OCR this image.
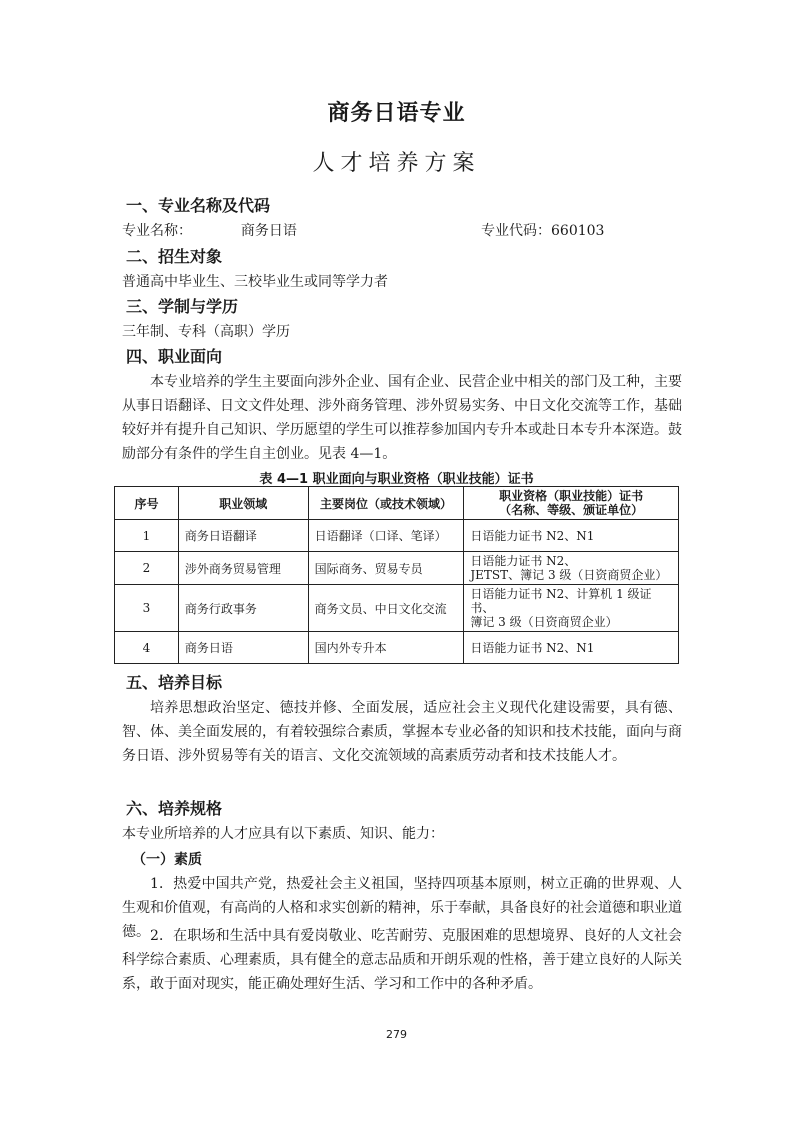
商务日语专业
人才培养方案
一、专业名称及代码
专业名称：	商务日语	专业代码：660103
二、招生对象
普通高中毕业生、三校毕业生或同等学力者
三、学制与学历
三年制、专科（高职）学历
四、职业面向
本专业培养的学生主要面向涉外企业、国有企业、民营企业中相关的部门及工种，主要从事日语翻译、日文文件处理、涉外商务管理、涉外贸易实务、中日文化交流等工作，基础较好并有提升自己知识、学历愿望的学生可以推荐参加国内专升本或赴日本专升本深造。鼓励部分有条件的学生自主创业。见表 4—1。
表 4—1 职业面向与职业资格（职业技能）证书
序号	职业领域	主要岗位（或技术领域）	职业资格（职业技能）证书
（名称、等级、颁证单位）

1	商务日语翻译	日语翻译（口译、笔译）	日语能力证书 N2、N1

2	涉外商务贸易管理	国际商务、贸易专员	日语能力证书 N2、
JETST、簿记 3 级（日资商贸企业）

3	商务行政事务	商务文员、中日文化交流	日语能力证书 N2、计算机 1 级证书、
簿记 3 级（日资商贸企业）

4	商务日语	国内外专升本	日语能力证书 N2、N1
五、培养目标
培养思想政治坚定、德技并修、全面发展，适应社会主义现代化建设需要，具有德、智、体、美全面发展的，有着较强综合素质，掌握本专业必备的知识和技术技能，面向与商务日语、涉外贸易等有关的语言、文化交流领域的高素质劳动者和技术技能人才。
六、培养规格
本专业所培养的人才应具有以下素质、知识、能力：
（一）素质
1．热爱中国共产党，热爱社会主义祖国，坚持四项基本原则，树立正确的世界观、人生观和价值观，有高尚的人格和求实创新的精神，乐于奉献，具备良好的社会道德和职业道德。 2．在职场和生活中具有爱岗敬业、吃苦耐劳、克服困难的思想境界、良好的人文社会科学综合素质、心理素质，具有健全的意志品质和开朗乐观的性格，善于建立良好的人际关系，敢于面对现实，能正确处理好生活、学习和工作中的各种矛盾。
279
